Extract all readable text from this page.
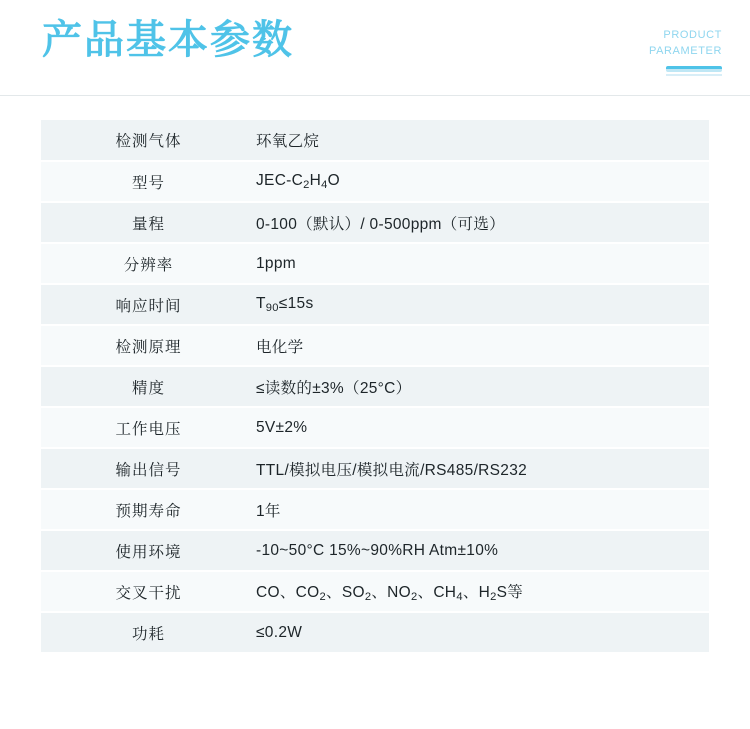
产品基本参数	PRODUCT
PARAMETER
检测气体	环氧乙烷
型号	JEC-$C_2H_4O$
量程	0-100（默认）/ 0-500ppm（可选）
分辨率	1ppm
响应时间	$T_{90}\le 15s$
检测原理	电化学
精度	≤读数的±3%（25°C）
工作电压	5V±2%
输出信号	TTL/模拟电压/模拟电流/RS485/RS232
预期寿命	1年
使用环境	-10~50°C 15%~90%RH Atm±10%
交叉干扰	CO、$CO_2$、$SO_2$、$NO_2$、$CH_4$、$H_2S$等
功耗	≤0.2W
